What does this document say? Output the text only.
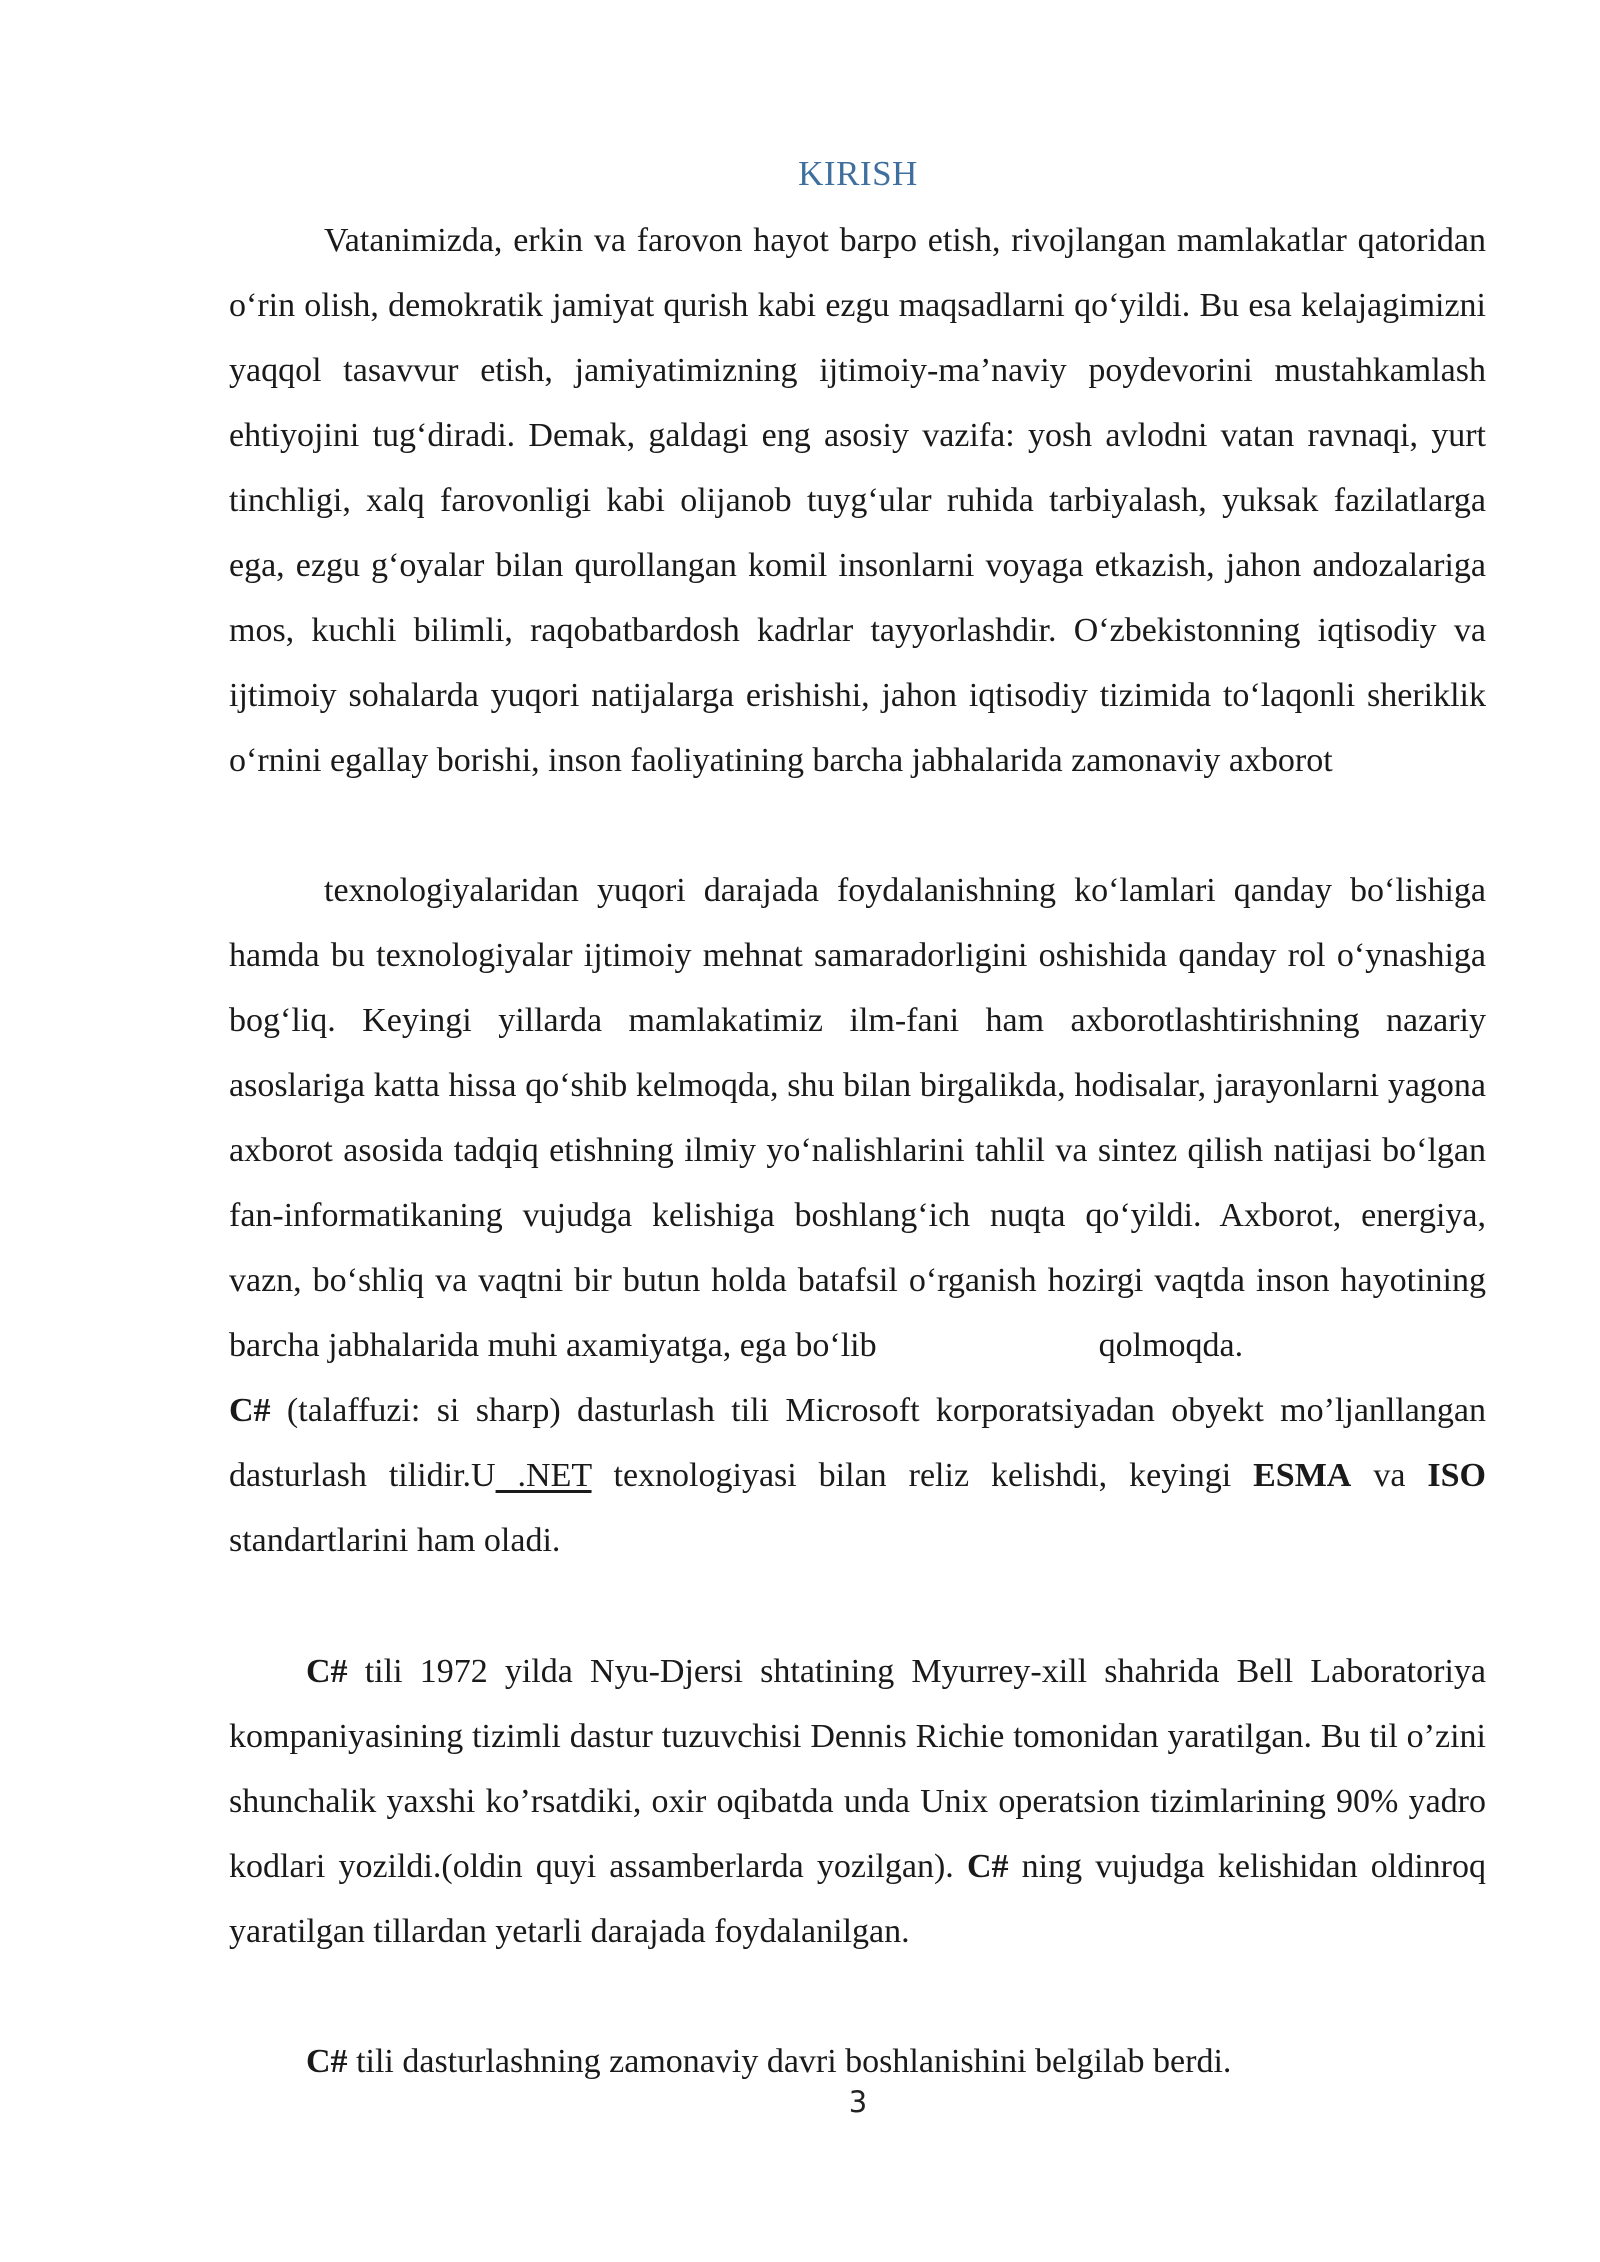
KIRISH

Vatanimizda, erkin va farovon hayot barpo etish, rivojlangan mamlakatlar qatoridan o‘rin olish, demokratik jamiyat qurish kabi ezgu maqsadlarni qo‘yildi. Bu esa kelajagimizni yaqqol tasavvur etish, jamiyatimizning ijtimoiy-ma’naviy poydevorini mustahkamlash ehtiyojini tug‘diradi. Demak, galdagi eng asosiy vazifa: yosh avlodni vatan ravnaqi, yurt tinchligi, xalq farovonligi kabi olijanob tuyg‘ular ruhida tarbiyalash, yuksak fazilatlarga ega, ezgu g‘oyalar bilan qurollangan komil insonlarni voyaga etkazish, jahon andozalariga mos, kuchli bilimli, raqobatbardosh kadrlar tayyorlashdir. O‘zbekistonning iqtisodiy va ijtimoiy sohalarda yuqori natijalarga erishishi, jahon iqtisodiy tizimida to‘laqonli sheriklik o‘rnini egallay borishi, inson faoliyatining barcha jabhalarida zamonaviy axborot

texnologiyalaridan yuqori darajada foydalanishning ko‘lamlari qanday bo‘lishiga hamda bu texnologiyalar ijtimoiy mehnat samaradorligini oshishida qanday rol o‘ynashiga bog‘liq. Keyingi yillarda mamlakatimiz ilm-fani ham axborotlashtirishning nazariy asoslariga katta hissa qo‘shib kelmoqda, shu bilan birgalikda, hodisalar, jarayonlarni yagona axborot asosida tadqiq etishning ilmiy yo‘nalishlarini tahlil va sintez qilish natijasi bo‘lgan fan-informatikaning vujudga kelishiga boshlang‘ich nuqta qo‘yildi. Axborot, energiya, vazn, bo‘shliq va vaqtni bir butun holda batafsil o‘rganish hozirgi vaqtda inson hayotining barcha jabhalarida muhi axamiyatga, ega bo‘lib	qolmoqda.
C# (talaffuzi: si sharp) dasturlash tili Microsoft korporatsiyadan obyekt mo’ljanllangan dasturlash tilidir.U .NET texnologiyasi bilan reliz kelishdi, keyingi ESMA va ISO standartlarini ham oladi.

C# tili 1972 yilda Nyu-Djersi shtatining Myurrey-xill shahrida Bell Laboratoriya kompaniyasining tizimli dastur tuzuvchisi Dennis Richie tomonidan yaratilgan. Bu til o’zini shunchalik yaxshi ko’rsatdiki, oxir oqibatda unda Unix operatsion tizimlarining 90% yadro kodlari yozildi.(oldin quyi assamberlarda yozilgan). C# ning vujudga kelishidan oldinroq yaratilgan tillardan yetarli darajada foydalanilgan.

C# tili dasturlashning zamonaviy davri boshlanishini belgilab berdi.

3
